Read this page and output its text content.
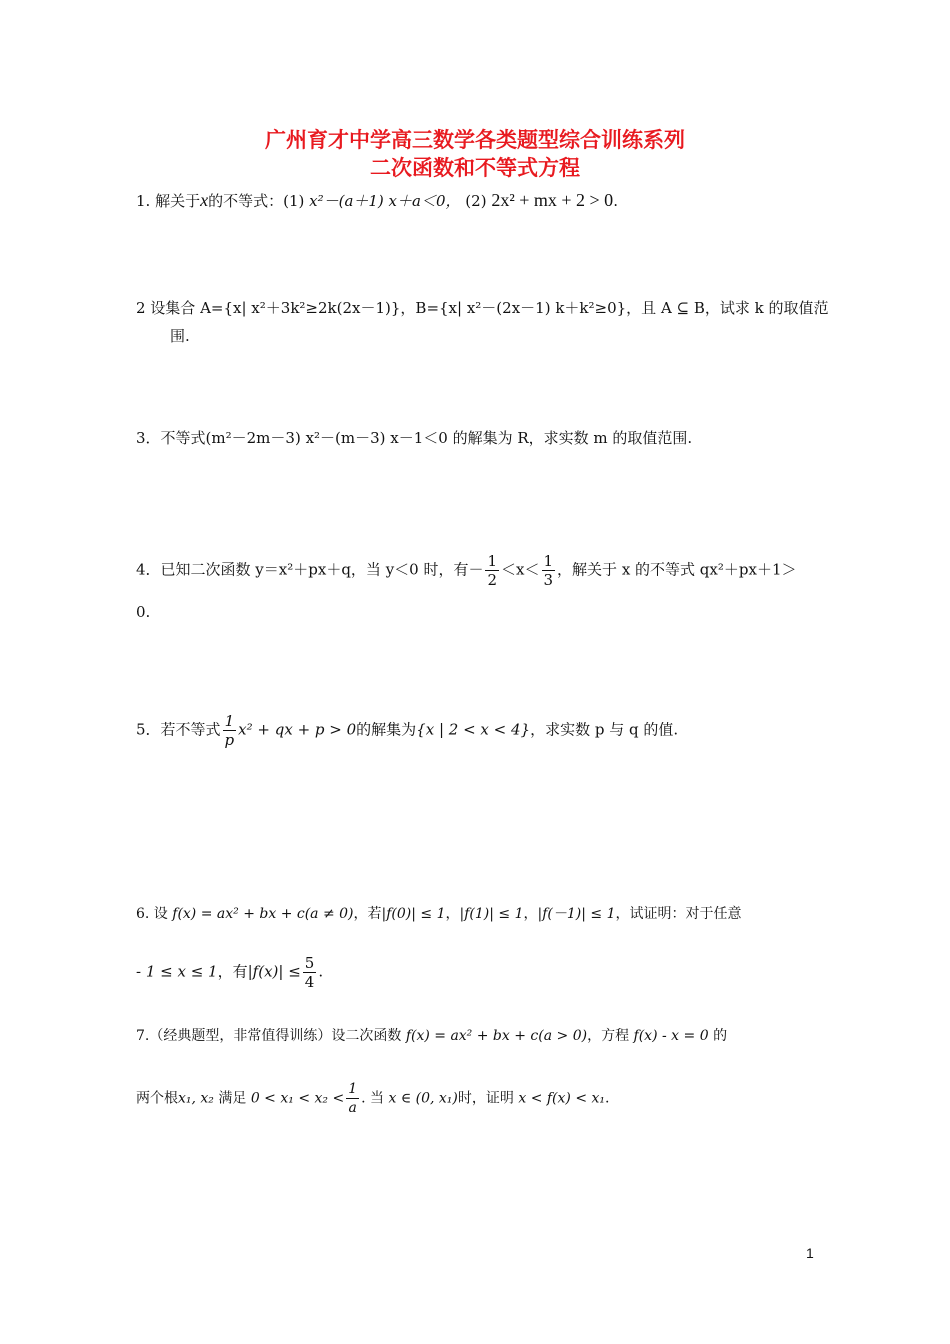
广州育才中学高三数学各类题型综合训练系列
二次函数和不等式方程
1. 解关于x的不等式：(1) x²－(a＋1) x＋a＜0， (2) 2x² + mx + 2 > 0.
2 设集合 A={x| x²＋3k²≥2k(2x－1)}，B={x| x²－(2x－1) k＋k²≥0}，且 A ⊆ B，试求 k 的取值范
围.
3．不等式(m²－2m－3) x²－(m－3) x－1＜0 的解集为 R，求实数 m 的取值范围.
4．已知二次函数 y＝x²＋px＋q，当 y＜0 时，有－ $\frac{1}{2} <x< \frac{1}{3}$ ，解关于 x 的不等式 qx²＋px＋1＞
0.
5．若不等式 $\frac{1}{p} x^2$ + qx + p > 0的解集为{x | 2 < x < 4}，求实数 p 与 q 的值.
6. 设 f(x) = ax² + bx + c(a ≠ 0)，若|f(0)| ≤ 1，|f(1)| ≤ 1，|f(－1)| ≤ 1，试证明：对于任意
- 1 ≤ x ≤ 1，有$|f(x)| \le \frac{5}{4}$ .
7.（经典题型，非常值得训练）设二次函数 f(x) = ax² + bx + c(a > 0)，方程 f(x) - x = 0 的
两个根x₁, x₂ 满足 $0 < x_1 < x_2 < \frac{1}{a}$ . 当 x ∈ (0, x₁)时，证明 x < f(x) < x₁.
1
